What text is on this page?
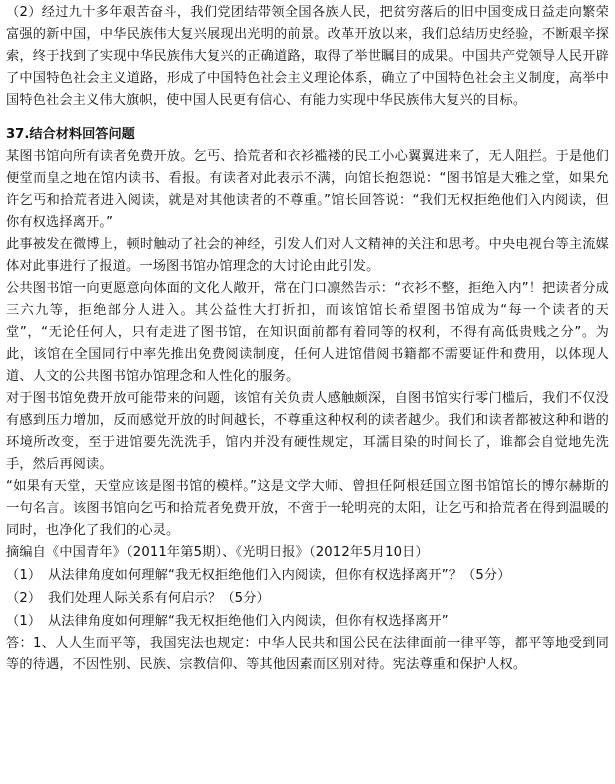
（2）经过九十多年艰苦奋斗，我们党团结带领全国各族人民，把贫穷落后的旧中国变成日益走向繁荣富强的新中国，中华民族伟大复兴展现出光明的前景。改革开放以来，我们总结历史经验，不断艰辛探索，终于找到了实现中华民族伟大复兴的正确道路，取得了举世瞩目的成果。中国共产党领导人民开辟了中国特色社会主义道路，形成了中国特色社会主义理论体系，确立了中国特色社会主义制度，高举中国特色社会主义伟大旗帜，使中国人民更有信心、有能力实现中华民族伟大复兴的目标。

37.结合材料回答问题

某图书馆向所有读者免费开放。乞丐、拾荒者和衣衫褴褛的民工小心翼翼进来了，无人阻拦。于是他们便堂而皇之地在馆内读书、看报。有读者对此表示不满，向馆长抱怨说：“图书馆是大雅之堂，如果允许乞丐和拾荒者进入阅读，就是对其他读者的不尊重。”馆长回答说：“我们无权拒绝他们入内阅读，但你有权选择离开。”

此事被发在微博上，顿时触动了社会的神经，引发人们对人文精神的关注和思考。中央电视台等主流媒体对此事进行了报道。一场图书馆办馆理念的大讨论由此引发。

公共图书馆一向更愿意向体面的文化人敞开，常在门口凛然告示：“衣衫不整，拒绝入内”！把读者分成三六九等，拒绝部分人进入。其公益性大打折扣，而该馆馆长希望图书馆成为“每一个读者的天堂”，“无论任何人，只有走进了图书馆，在知识面前都有着同等的权利，不得有高低贵贱之分”。为此，该馆在全国同行中率先推出免费阅读制度，任何人进馆借阅书籍都不需要证件和费用，以体现人道、人文的公共图书馆办馆理念和人性化的服务。

对于图书馆免费开放可能带来的问题，该馆有关负责人感触颇深，自图书馆实行零门槛后，我们不仅没有感到压力增加，反而感觉开放的时间越长，不尊重这种权利的读者越少。我们和读者都被这种和谐的环境所改变，至于进馆要先洗洗手，馆内并没有硬性规定，耳濡目染的时间长了，谁都会自觉地先洗手，然后再阅读。

“如果有天堂，天堂应该是图书馆的模样。”这是文学大师、曾担任阿根廷国立图书馆馆长的博尔赫斯的一句名言。该图书馆向乞丐和拾荒者免费开放，不啻于一轮明亮的太阳，让乞丐和拾荒者在得到温暖的同时，也净化了我们的心灵。

摘编自《中国青年》（2011年第5期）、《光明日报》（2012年5月10日）

（1）　从法律角度如何理解“我无权拒绝他们入内阅读，但你有权选择离开”？（5分）

（2）　我们处理人际关系有何启示？（5分）

（1）　从法律角度如何理解“我无权拒绝他们入内阅读，但你有权选择离开”

答：1、人人生而平等，我国宪法也规定：中华人民共和国公民在法律面前一律平等，都平等地受到同等的待遇，不因性别、民族、宗教信仰、等其他因素而区别对待。宪法尊重和保护人权。
